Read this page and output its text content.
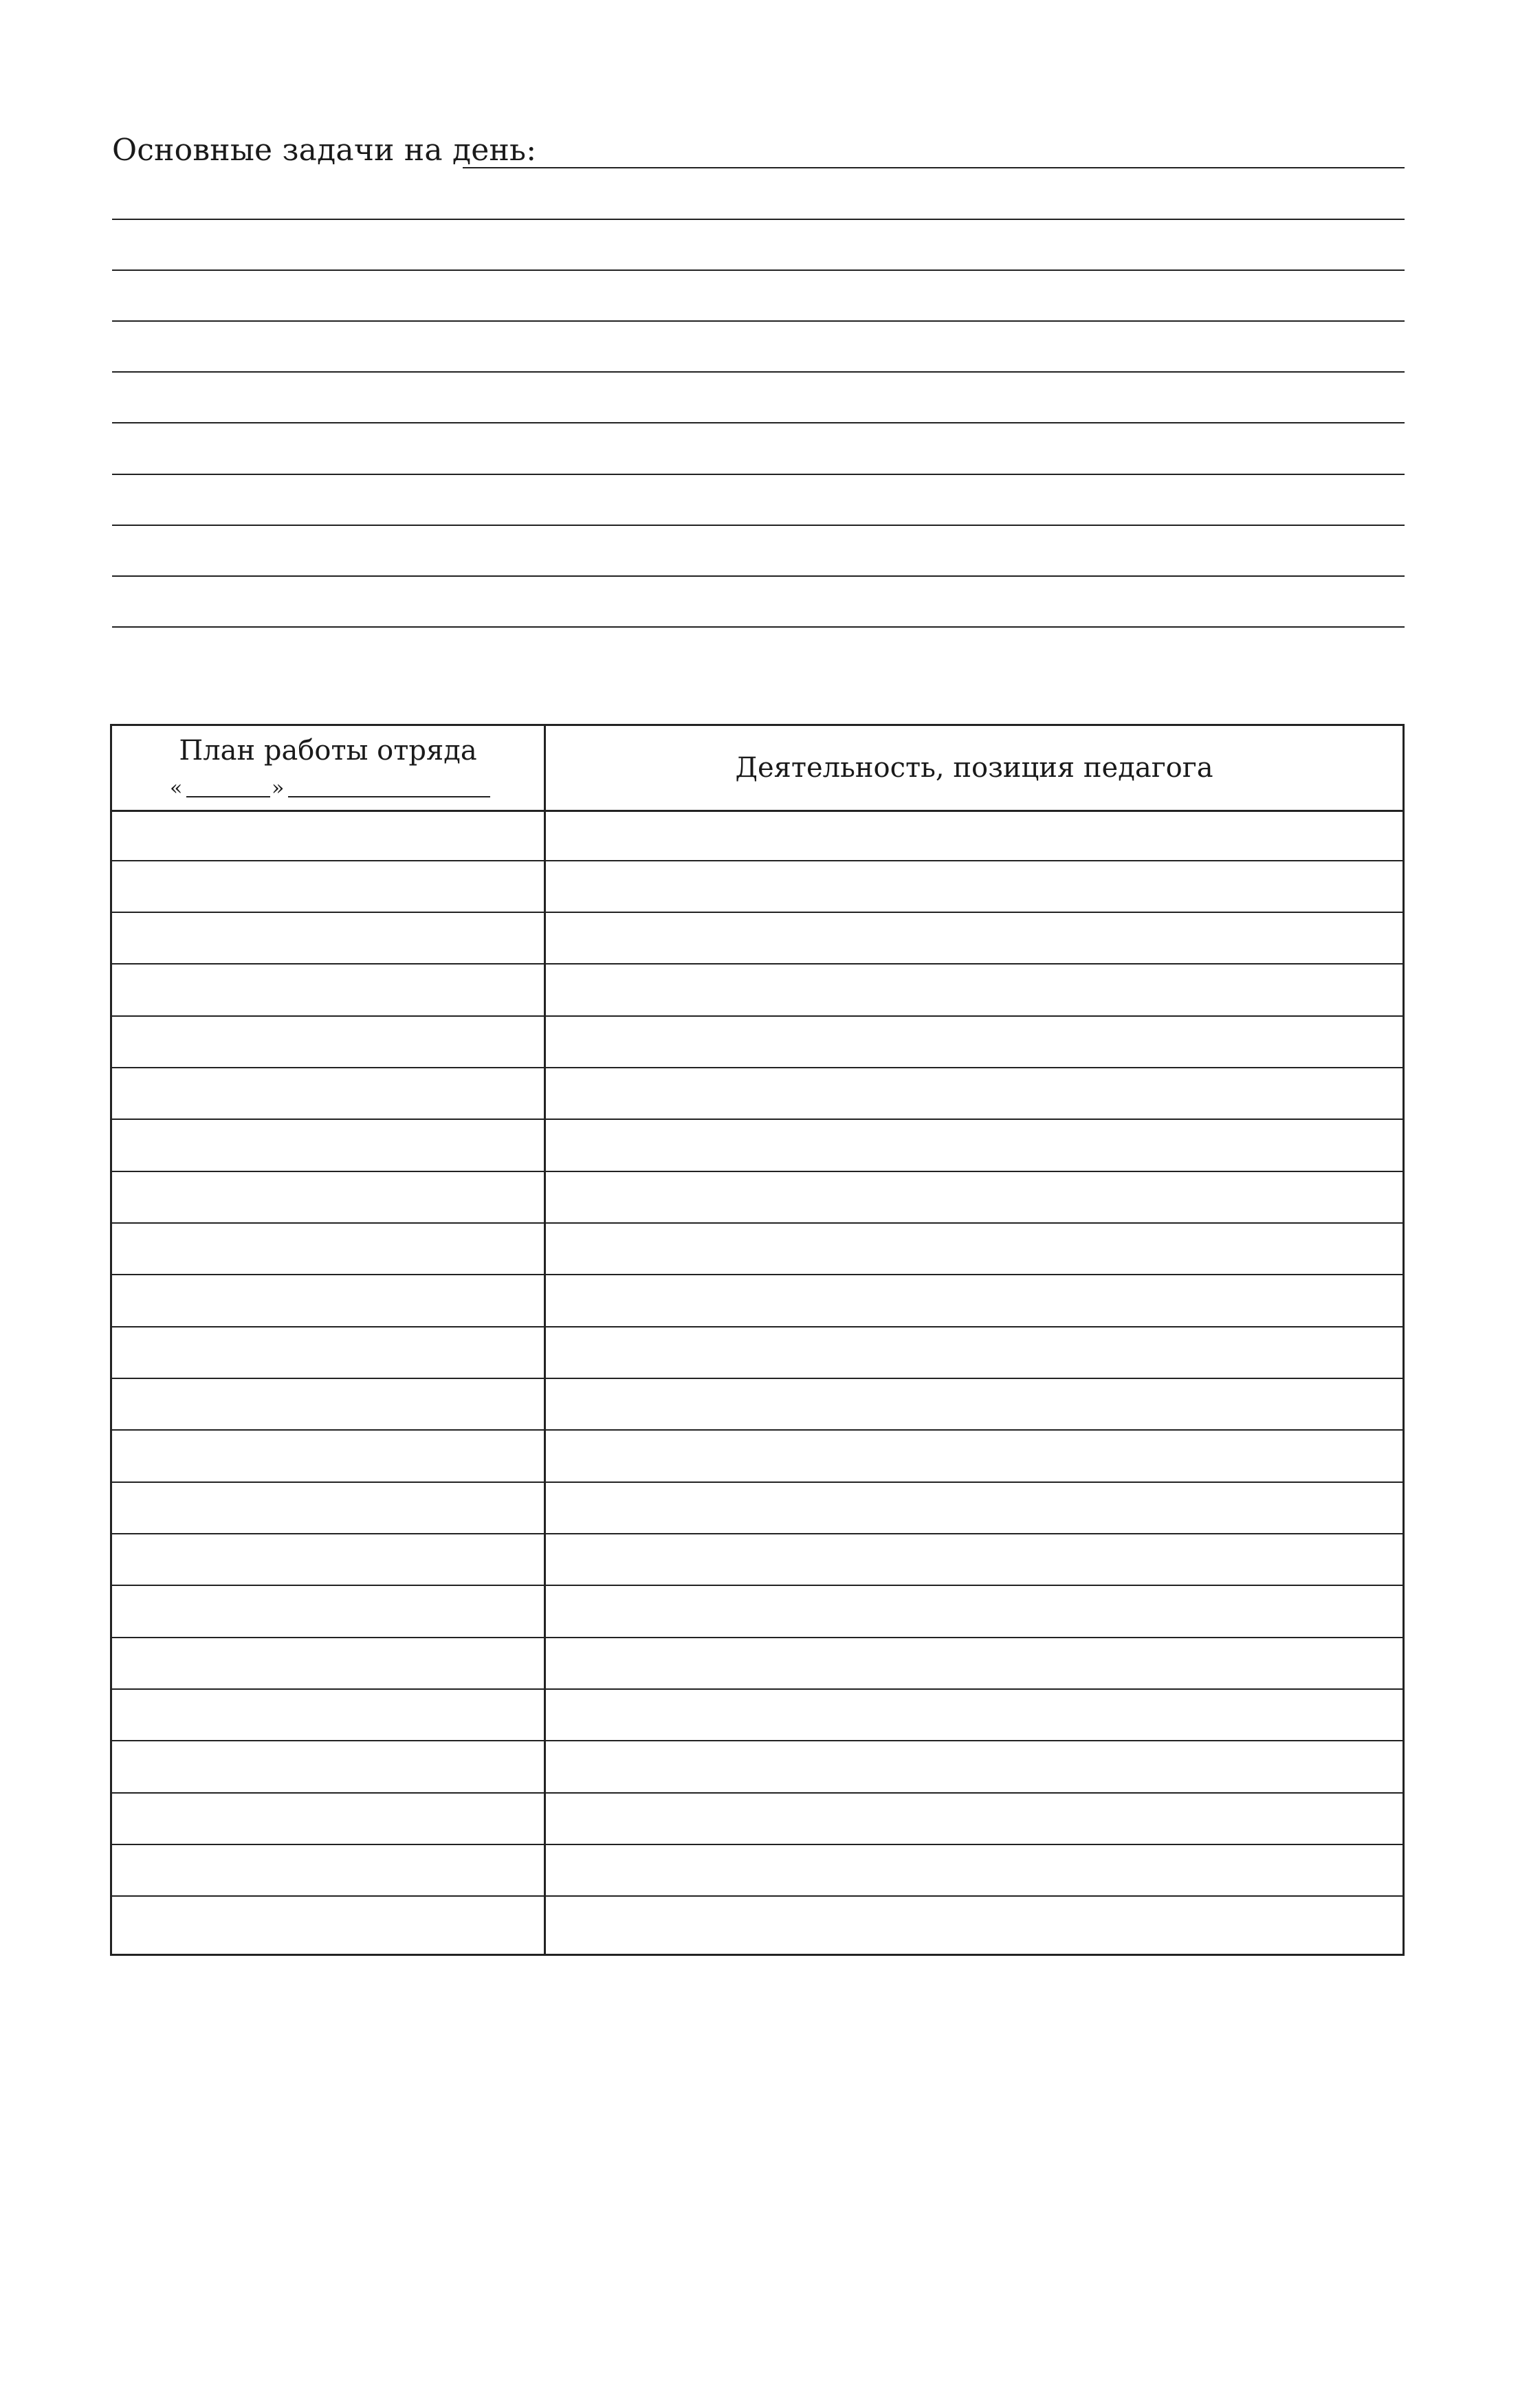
Основные задачи на день:
План работы отряда
«	»
Деятельность, позиция педагога
